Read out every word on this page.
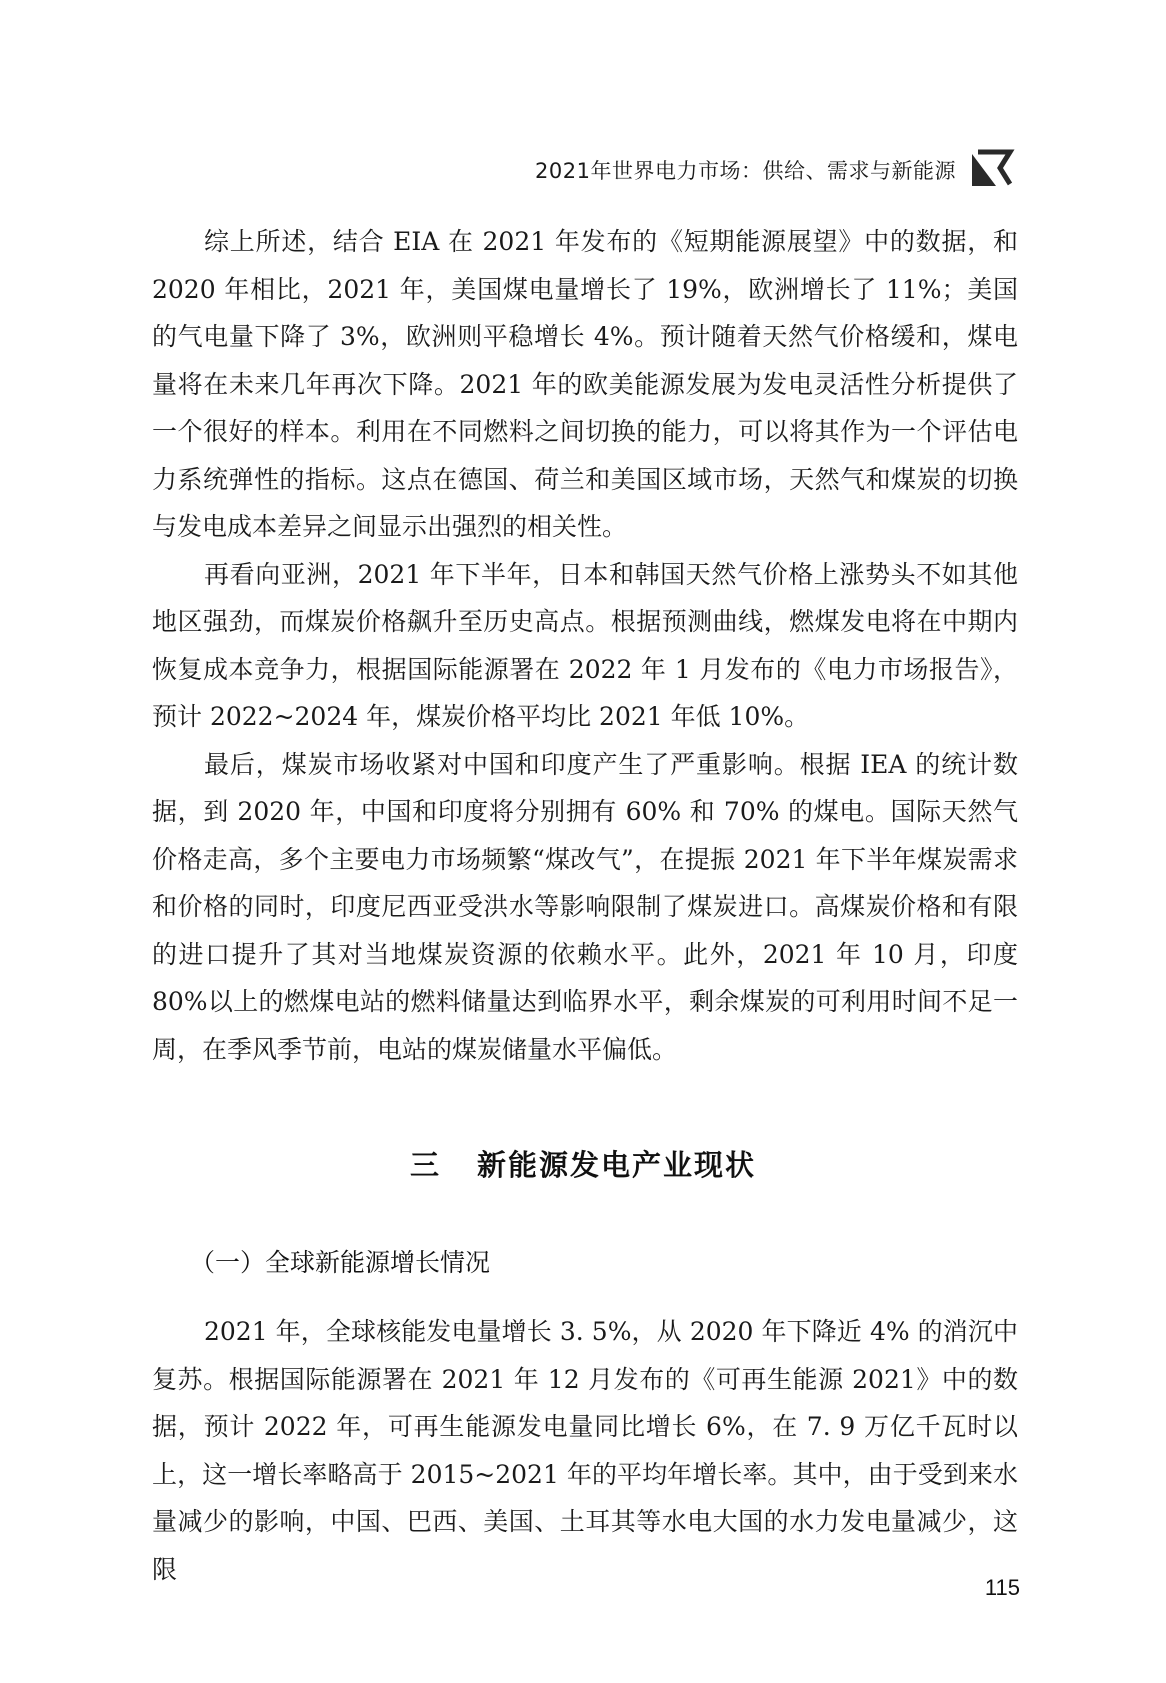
2021年世界电力市场：供给、需求与新能源

综上所述，结合 EIA 在 2021 年发布的《短期能源展望》中的数据，和 2020 年相比，2021 年，美国煤电量增长了 19%，欧洲增长了 11%；美国的气电量下降了 3%，欧洲则平稳增长 4%。预计随着天然气价格缓和，煤电量将在未来几年再次下降。2021 年的欧美能源发展为发电灵活性分析提供了一个很好的样本。利用在不同燃料之间切换的能力，可以将其作为一个评估电力系统弹性的指标。这点在德国、荷兰和美国区域市场，天然气和煤炭的切换与发电成本差异之间显示出强烈的相关性。

再看向亚洲，2021 年下半年，日本和韩国天然气价格上涨势头不如其他地区强劲，而煤炭价格飙升至历史高点。根据预测曲线，燃煤发电将在中期内恢复成本竞争力，根据国际能源署在 2022 年 1 月发布的《电力市场报告》，预计 2022~2024 年，煤炭价格平均比 2021 年低 10%。

最后，煤炭市场收紧对中国和印度产生了严重影响。根据 IEA 的统计数据，到 2020 年，中国和印度将分别拥有 60% 和 70% 的煤电。国际天然气价格走高，多个主要电力市场频繁“煤改气”，在提振 2021 年下半年煤炭需求和价格的同时，印度尼西亚受洪水等影响限制了煤炭进口。高煤炭价格和有限的进口提升了其对当地煤炭资源的依赖水平。此外，2021 年 10 月，印度 80%以上的燃煤电站的燃料储量达到临界水平，剩余煤炭的可利用时间不足一周，在季风季节前，电站的煤炭储量水平偏低。

三 新能源发电产业现状
（一）全球新能源增长情况

2021 年，全球核能发电量增长 3. 5%，从 2020 年下降近 4% 的消沉中复苏。根据国际能源署在 2021 年 12 月发布的《可再生能源 2021》中的数据，预计 2022 年，可再生能源发电量同比增长 6%，在 7. 9 万亿千瓦时以上，这一增长率略高于 2015~2021 年的平均年增长率。其中，由于受到来水量减少的影响，中国、巴西、美国、土耳其等水电大国的水力发电量减少，这限

115
